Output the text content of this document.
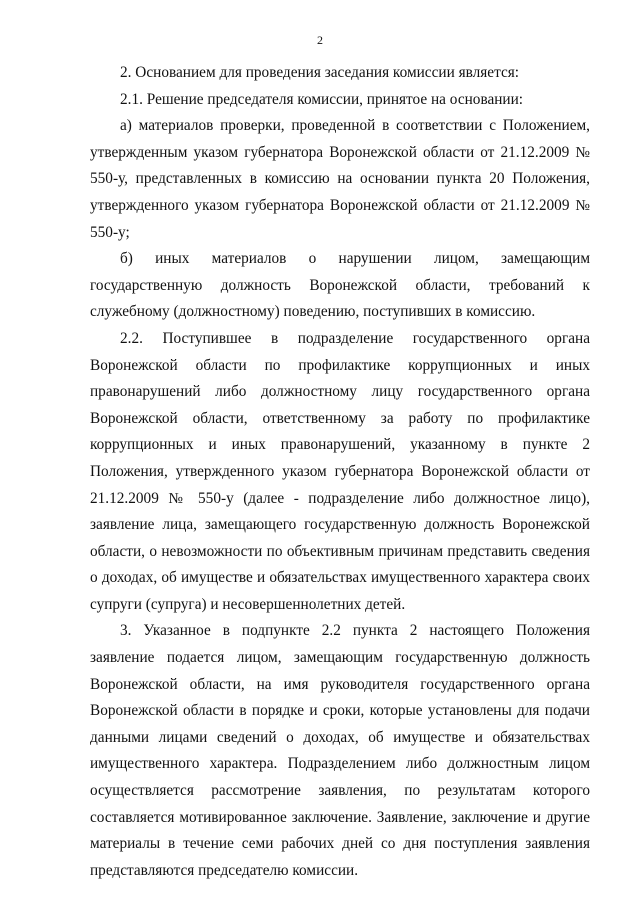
2

2. Основанием для проведения заседания комиссии является:

2.1. Решение председателя комиссии, принятое на основании:

а) материалов проверки, проведенной в соответствии с Положением, утвержденным указом губернатора Воронежской области от 21.12.2009 № 550-у, представленных в комиссию на основании пункта 20 Положения, утвержденного указом губернатора Воронежской области от 21.12.2009 № 550-у;

б) иных материалов о нарушении лицом, замещающим государственную должность Воронежской области, требований к служебному (должностному) поведению, поступивших в комиссию.

2.2. Поступившее в подразделение государственного органа Воронежской области по профилактике коррупционных и иных правонарушений либо должностному лицу государственного органа Воронежской области, ответственному за работу по профилактике коррупционных и иных правонарушений, указанному в пункте 2 Положения, утвержденного указом губернатора Воронежской области от 21.12.2009 № 550-у (далее - подразделение либо должностное лицо), заявление лица, замещающего государственную должность Воронежской области, о невозможности по объективным причинам представить сведения о доходах, об имуществе и обязательствах имущественного характера своих супруги (супруга) и несовершеннолетних детей.

3. Указанное в подпункте 2.2 пункта 2 настоящего Положения заявление подается лицом, замещающим государственную должность Воронежской области, на имя руководителя государственного органа Воронежской области в порядке и сроки, которые установлены для подачи данными лицами сведений о доходах, об имуществе и обязательствах имущественного характера. Подразделением либо должностным лицом осуществляется рассмотрение заявления, по результатам которого составляется мотивированное заключение. Заявление, заключение и другие материалы в течение семи рабочих дней со дня поступления заявления представляются председателю комиссии.
